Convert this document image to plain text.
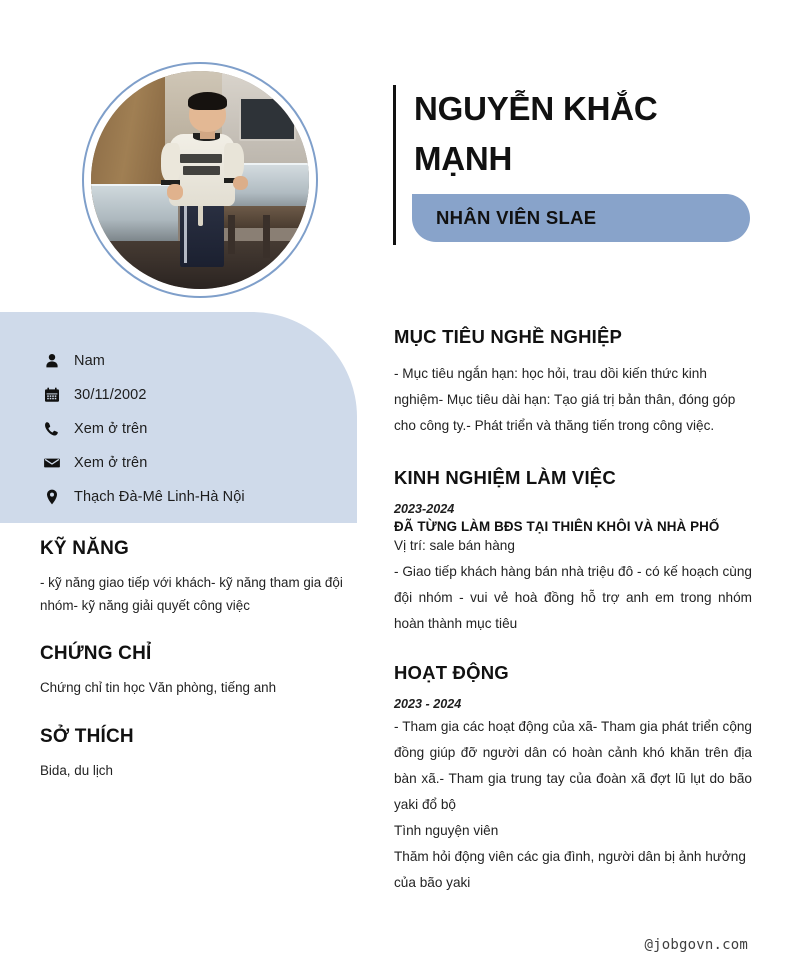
Nam
30/11/2002
Xem ở trên
Xem ở trên
Thạch Đà-Mê Linh-Hà Nội
KỸ NĂNG
- kỹ năng giao tiếp với khách- kỹ năng tham gia đội nhóm- kỹ năng giải quyết công việc
CHỨNG CHỈ
Chứng chỉ tin học Văn phòng, tiếng anh
SỞ THÍCH
Bida, du lịch
NGUYỄN KHẮC MẠNH
NHÂN VIÊN SLAE
MỤC TIÊU NGHỀ NGHIỆP
- Mục tiêu ngắn hạn: học hỏi, trau dồi kiến thức kinh nghiệm- Mục tiêu dài hạn: Tạo giá trị bản thân, đóng góp cho công ty.- Phát triển và thăng tiến trong công việc.
KINH NGHIỆM LÀM VIỆC
2023-2024
ĐÃ TỪNG LÀM BĐS TẠI THIÊN KHÔI VÀ NHÀ PHỐ
Vị trí: sale bán hàng
- Giao tiếp khách hàng bán nhà triệu đô - có kế hoạch cùng đội nhóm - vui vẻ hoà đồng hỗ trợ anh em trong nhóm hoàn thành mục tiêu
HOẠT ĐỘNG
2023 - 2024
- Tham gia các hoạt động của xã- Tham gia phát triển cộng đồng giúp đỡ người dân có hoàn cảnh khó khăn trên địa bàn xã.- Tham gia trung tay của đoàn xã đợt lũ lụt do bão yaki đổ bộ
Tình nguyện viên
Thăm hỏi động viên các gia đình, người dân bị ảnh hưởng của bão yaki
@jobgovn.com
